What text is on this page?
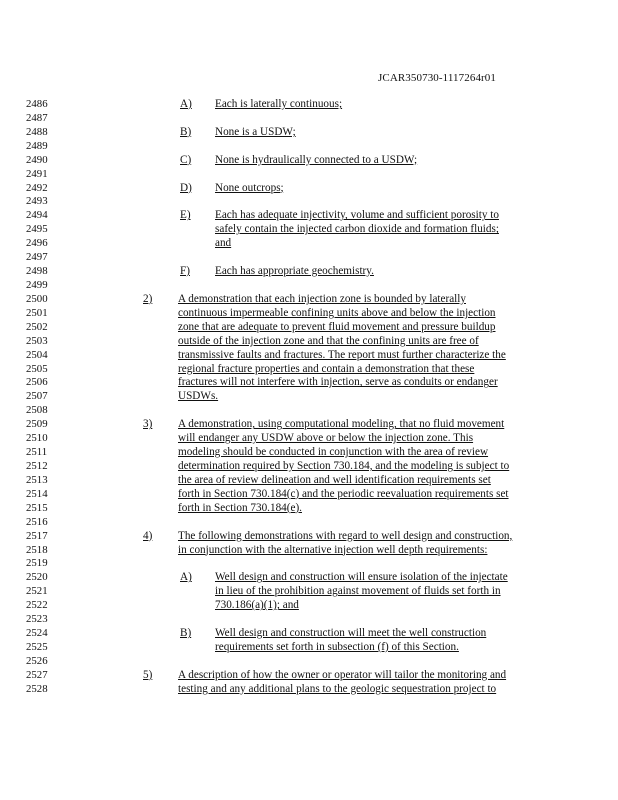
JCAR350730-1117264r01
2486	A) Each is laterally continuous;
2487
2488	B) None is a USDW;
2489
2490	C) None is hydraulically connected to a USDW;
2491
2492	D) None outcrops;
2493
2494	E) Each has adequate injectivity, volume and sufficient porosity to
2495	safely contain the injected carbon dioxide and formation fluids;
2496	and
2497
2498	F) Each has appropriate geochemistry.
2499
2500	2) A demonstration that each injection zone is bounded by laterally
2501	continuous impermeable confining units above and below the injection
2502	zone that are adequate to prevent fluid movement and pressure buildup
2503	outside of the injection zone and that the confining units are free of
2504	transmissive faults and fractures. The report must further characterize the
2505	regional fracture properties and contain a demonstration that these
2506	fractures will not interfere with injection, serve as conduits or endanger
2507	USDWs.
2508
2509	3) A demonstration, using computational modeling, that no fluid movement
2510	will endanger any USDW above or below the injection zone. This
2511	modeling should be conducted in conjunction with the area of review
2512	determination required by Section 730.184, and the modeling is subject to
2513	the area of review delineation and well identification requirements set
2514	forth in Section 730.184(c) and the periodic reevaluation requirements set
2515	forth in Section 730.184(e).
2516
2517	4) The following demonstrations with regard to well design and construction,
2518	in conjunction with the alternative injection well depth requirements:
2519
2520	A) Well design and construction will ensure isolation of the injectate
2521	in lieu of the prohibition against movement of fluids set forth in
2522	730.186(a)(1); and
2523
2524	B) Well design and construction will meet the well construction
2525	requirements set forth in subsection (f) of this Section.
2526
2527	5) A description of how the owner or operator will tailor the monitoring and
2528	testing and any additional plans to the geologic sequestration project to
